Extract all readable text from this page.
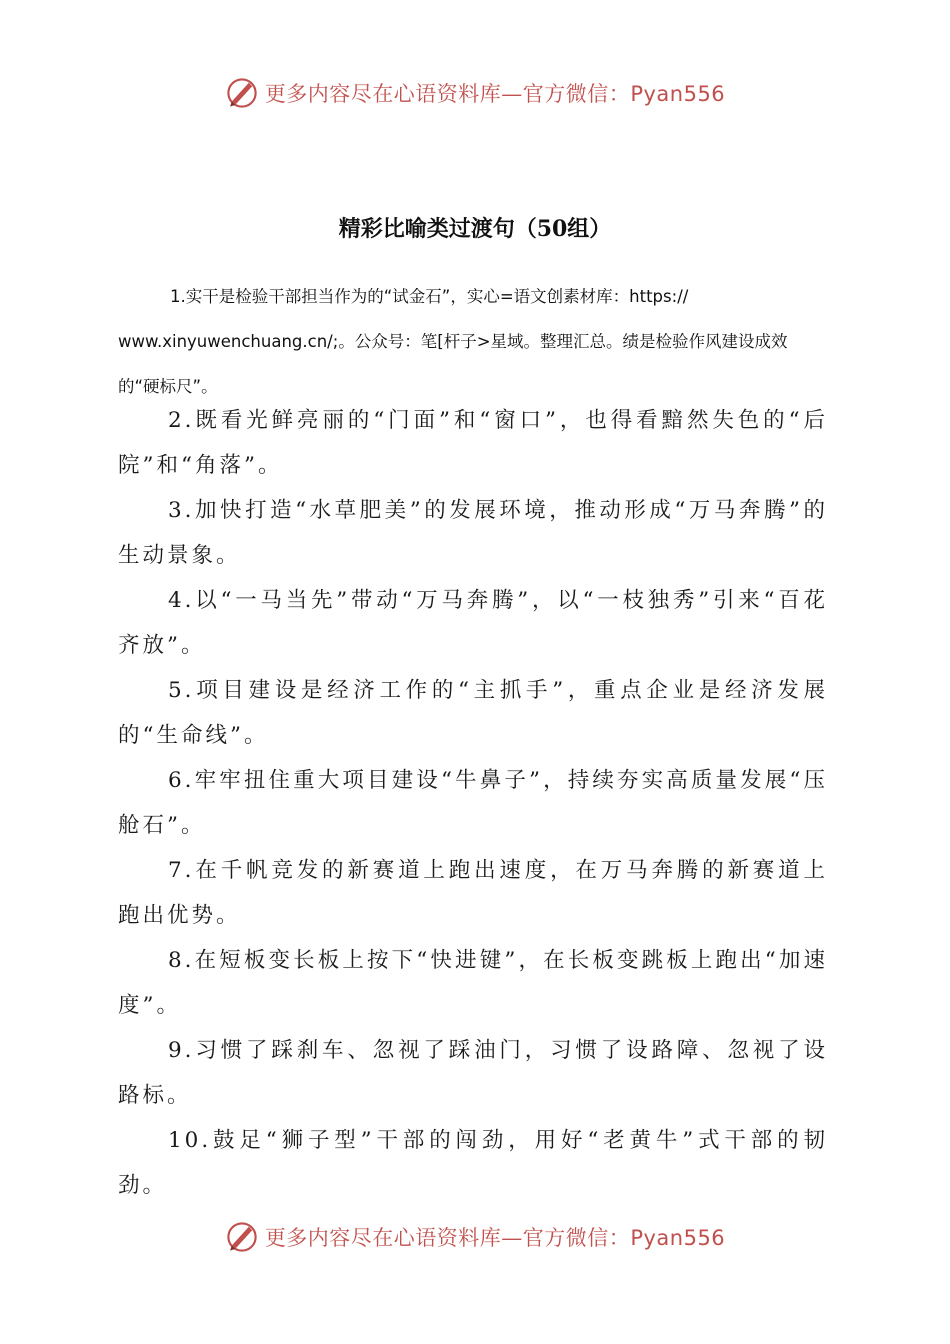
更多内容尽在心语资料库—官方微信：Pyan556
精彩比喻类过渡句（50组）

1.实干是检验干部担当作为的“试金石”，实心=语文创素材库：https:// www.xinyuwenchuang.cn/;。公众号：笔[杆子>星域。整理汇总。绩是检验作风建设成效的“硬标尺”。

2.既看光鲜亮丽的“门面”和“窗口”，也得看黯然失色的“后院”和“角落”。

3.加快打造“水草肥美”的发展环境，推动形成“万马奔腾”的生动景象。

4.以“一马当先”带动“万马奔腾”，以“一枝独秀”引来“百花齐放”。

5.项目建设是经济工作的“主抓手”，重点企业是经济发展的“生命线”。

6.牢牢扭住重大项目建设“牛鼻子”，持续夯实高质量发展“压舱石”。

7.在千帆竞发的新赛道上跑出速度，在万马奔腾的新赛道上跑出优势。

8.在短板变长板上按下“快进键”，在长板变跳板上跑出“加速度”。

9.习惯了踩刹车、忽视了踩油门，习惯了设路障、忽视了设路标。

10.鼓足“狮子型”干部的闯劲，用好“老黄牛”式干部的韧劲。

更多内容尽在心语资料库—官方微信：Pyan556
